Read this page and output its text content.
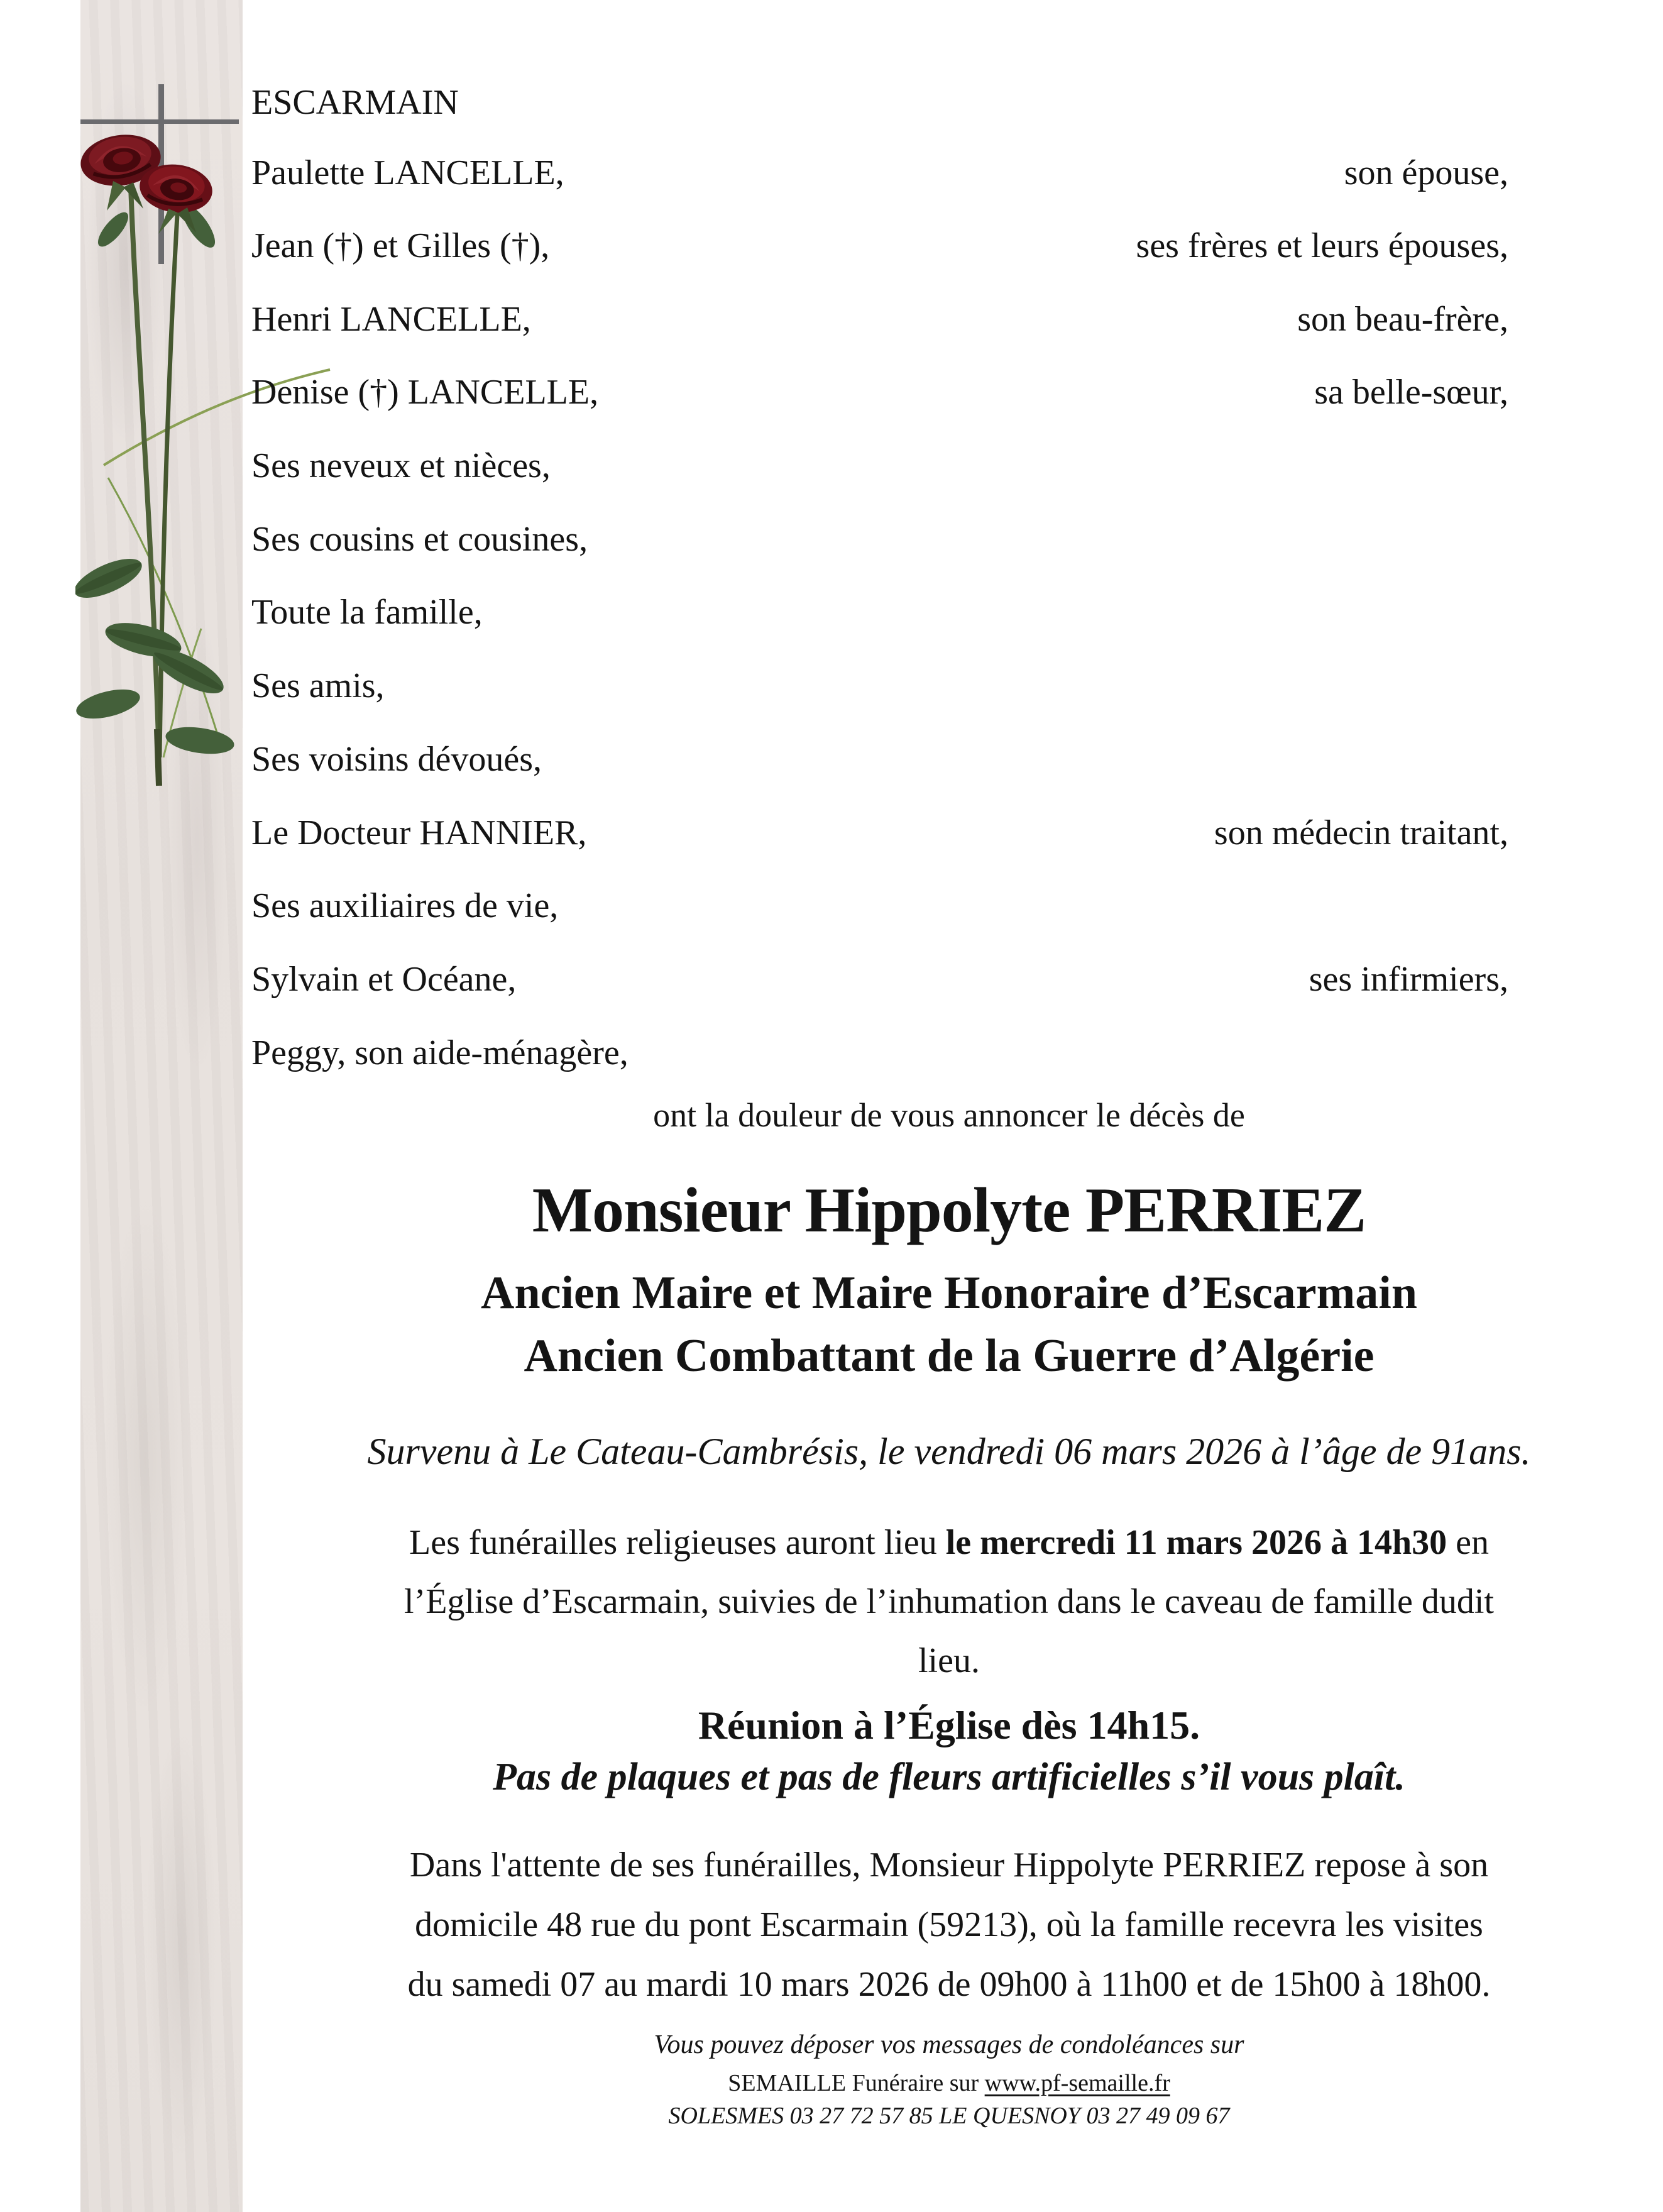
ESCARMAIN
Paulette LANCELLE,	son épouse,
Jean (†) et Gilles (†),	ses frères et leurs épouses,
Henri LANCELLE,	son beau-frère,
Denise (†) LANCELLE,	sa belle-sœur,
Ses neveux et nièces,
Ses cousins et cousines,
Toute la famille,
Ses amis,
Ses voisins dévoués,
Le Docteur HANNIER,	son médecin traitant,
Ses auxiliaires de vie,
Sylvain et Océane,	ses infirmiers,
Peggy, son aide-ménagère,
ont la douleur de vous annoncer le décès de
Monsieur Hippolyte PERRIEZ
Ancien Maire et Maire Honoraire d’Escarmain
Ancien Combattant de la Guerre d’Algérie
Survenu à Le Cateau-Cambrésis, le vendredi 06 mars 2026 à l’âge de 91ans.
Les funérailles religieuses auront lieu le mercredi 11 mars 2026 à 14h30 en
l’Église d’Escarmain, suivies de l’inhumation dans le caveau de famille dudit
lieu.
Réunion à l’Église dès 14h15.
Pas de plaques et pas de fleurs artificielles s’il vous plaît.
Dans l'attente de ses funérailles, Monsieur Hippolyte PERRIEZ repose à son
domicile 48 rue du pont Escarmain (59213), où la famille recevra les visites
du samedi 07 au mardi 10 mars 2026 de 09h00 à 11h00 et de 15h00 à 18h00.
Vous pouvez déposer vos messages de condoléances sur
SEMAILLE Funéraire sur www.pf-semaille.fr
SOLESMES 03 27 72 57 85 LE QUESNOY 03 27 49 09 67
